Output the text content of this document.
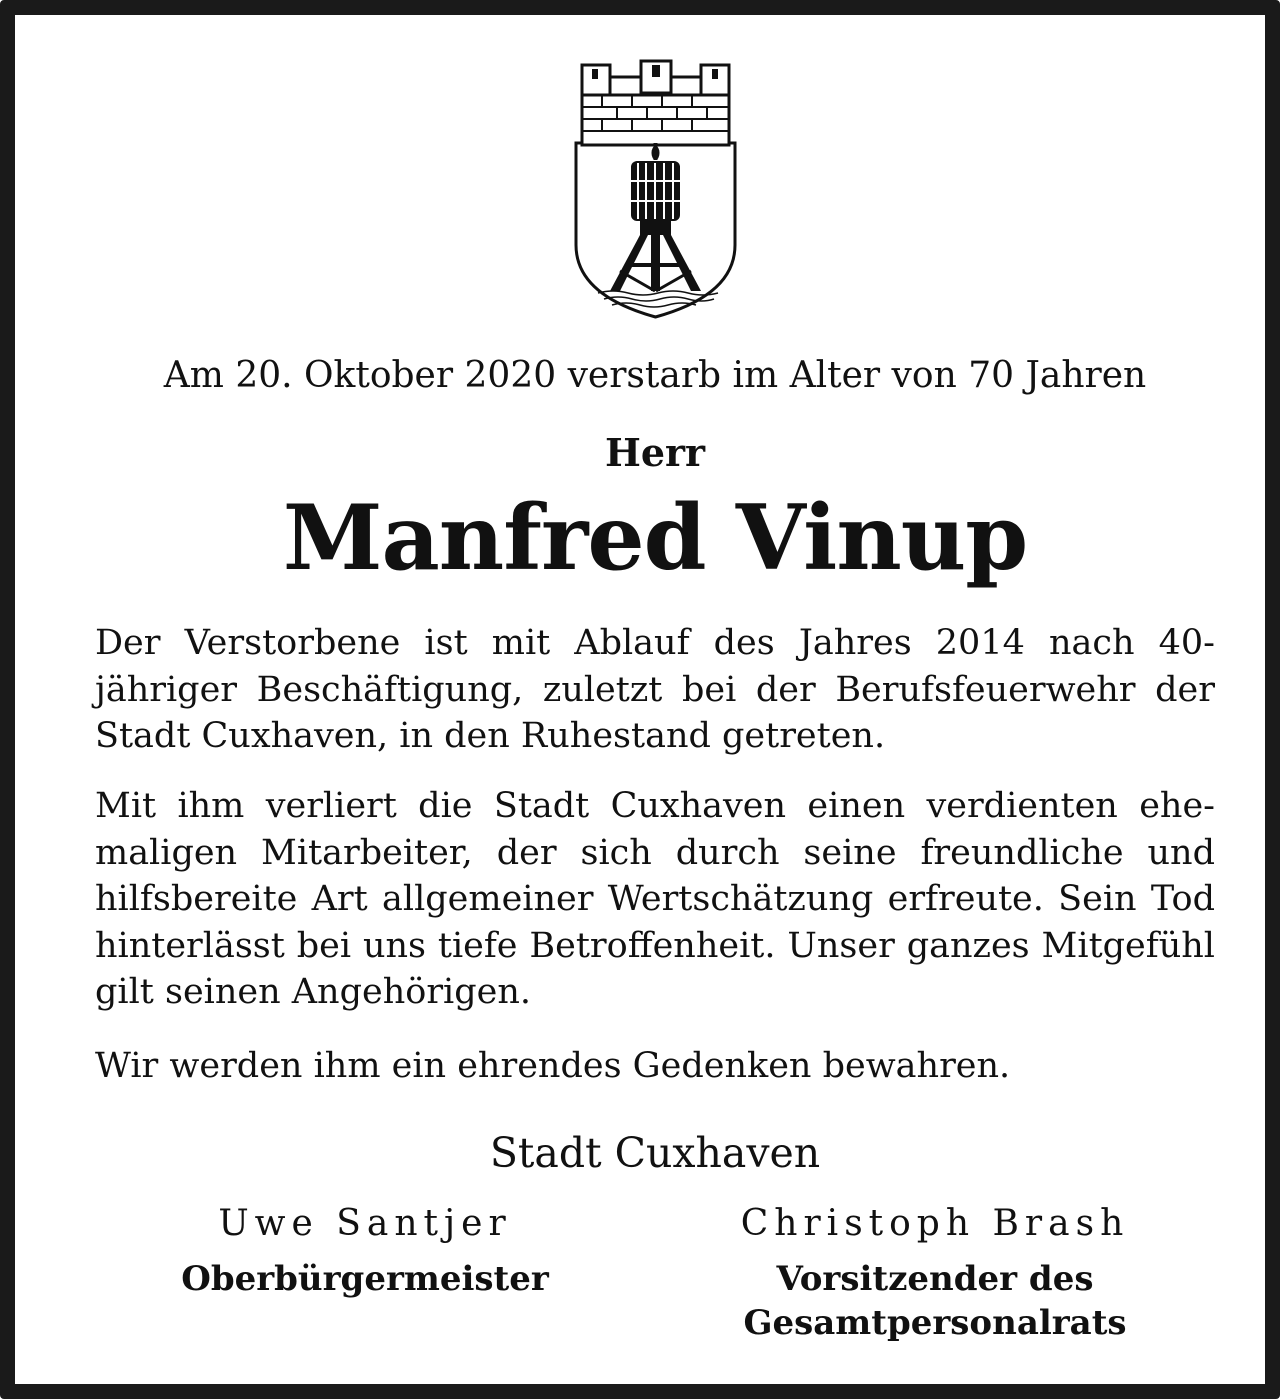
Am 20. Oktober 2020 verstarb im Alter von 70 Jahren

Herr

Manfred Vinup

Der Verstorbene ist mit Ablauf des Jahres 2014 nach 40-jähriger Beschäftigung, zuletzt bei der Berufsfeuerwehr der Stadt Cuxhaven, in den Ruhestand getreten.

Mit ihm verliert die Stadt Cuxhaven einen verdienten ehemaligen Mitarbeiter, der sich durch seine freundliche und hilfsbereite Art allgemeiner Wertschätzung erfreute. Sein Tod hinterlässt bei uns tiefe Betroffenheit. Unser ganzes Mitgefühl gilt seinen Angehörigen.

Wir werden ihm ein ehrendes Gedenken bewahren.

Stadt Cuxhaven

Uwe Santjer
Oberbürgermeister
Christoph Brash
Vorsitzender des
Gesamtpersonalrats
